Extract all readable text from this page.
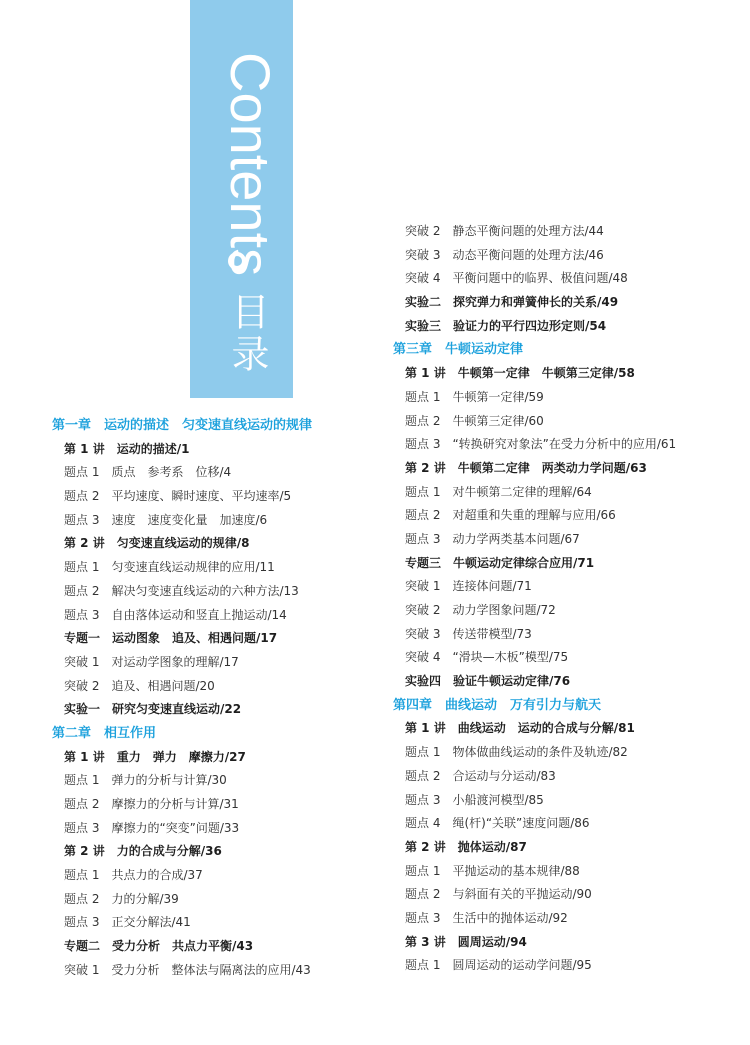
Contents
目录
第一章　运动的描述　匀变速直线运动的规律
第 1 讲　运动的描述/1
题点 1　质点　参考系　位移/4
题点 2　平均速度、瞬时速度、平均速率/5
题点 3　速度　速度变化量　加速度/6
第 2 讲　匀变速直线运动的规律/8
题点 1　匀变速直线运动规律的应用/11
题点 2　解决匀变速直线运动的六种方法/13
题点 3　自由落体运动和竖直上抛运动/14
专题一　运动图象　追及、相遇问题/17
突破 1　对运动学图象的理解/17
突破 2　追及、相遇问题/20
实验一　研究匀变速直线运动/22
第二章　相互作用
第 1 讲　重力　弹力　摩擦力/27
题点 1　弹力的分析与计算/30
题点 2　摩擦力的分析与计算/31
题点 3　摩擦力的“突变”问题/33
第 2 讲　力的合成与分解/36
题点 1　共点力的合成/37
题点 2　力的分解/39
题点 3　正交分解法/41
专题二　受力分析　共点力平衡/43
突破 1　受力分析　整体法与隔离法的应用/43
突破 2　静态平衡问题的处理方法/44
突破 3　动态平衡问题的处理方法/46
突破 4　平衡问题中的临界、极值问题/48
实验二　探究弹力和弹簧伸长的关系/49
实验三　验证力的平行四边形定则/54
第三章　牛顿运动定律
第 1 讲　牛顿第一定律　牛顿第三定律/58
题点 1　牛顿第一定律/59
题点 2　牛顿第三定律/60
题点 3　“转换研究对象法”在受力分析中的应用/61
第 2 讲　牛顿第二定律　两类动力学问题/63
题点 1　对牛顿第二定律的理解/64
题点 2　对超重和失重的理解与应用/66
题点 3　动力学两类基本问题/67
专题三　牛顿运动定律综合应用/71
突破 1　连接体问题/71
突破 2　动力学图象问题/72
突破 3　传送带模型/73
突破 4　“滑块—木板”模型/75
实验四　验证牛顿运动定律/76
第四章　曲线运动　万有引力与航天
第 1 讲　曲线运动　运动的合成与分解/81
题点 1　物体做曲线运动的条件及轨迹/82
题点 2　合运动与分运动/83
题点 3　小船渡河模型/85
题点 4　绳(杆)“关联”速度问题/86
第 2 讲　抛体运动/87
题点 1　平抛运动的基本规律/88
题点 2　与斜面有关的平抛运动/90
题点 3　生活中的抛体运动/92
第 3 讲　圆周运动/94
题点 1　圆周运动的运动学问题/95
